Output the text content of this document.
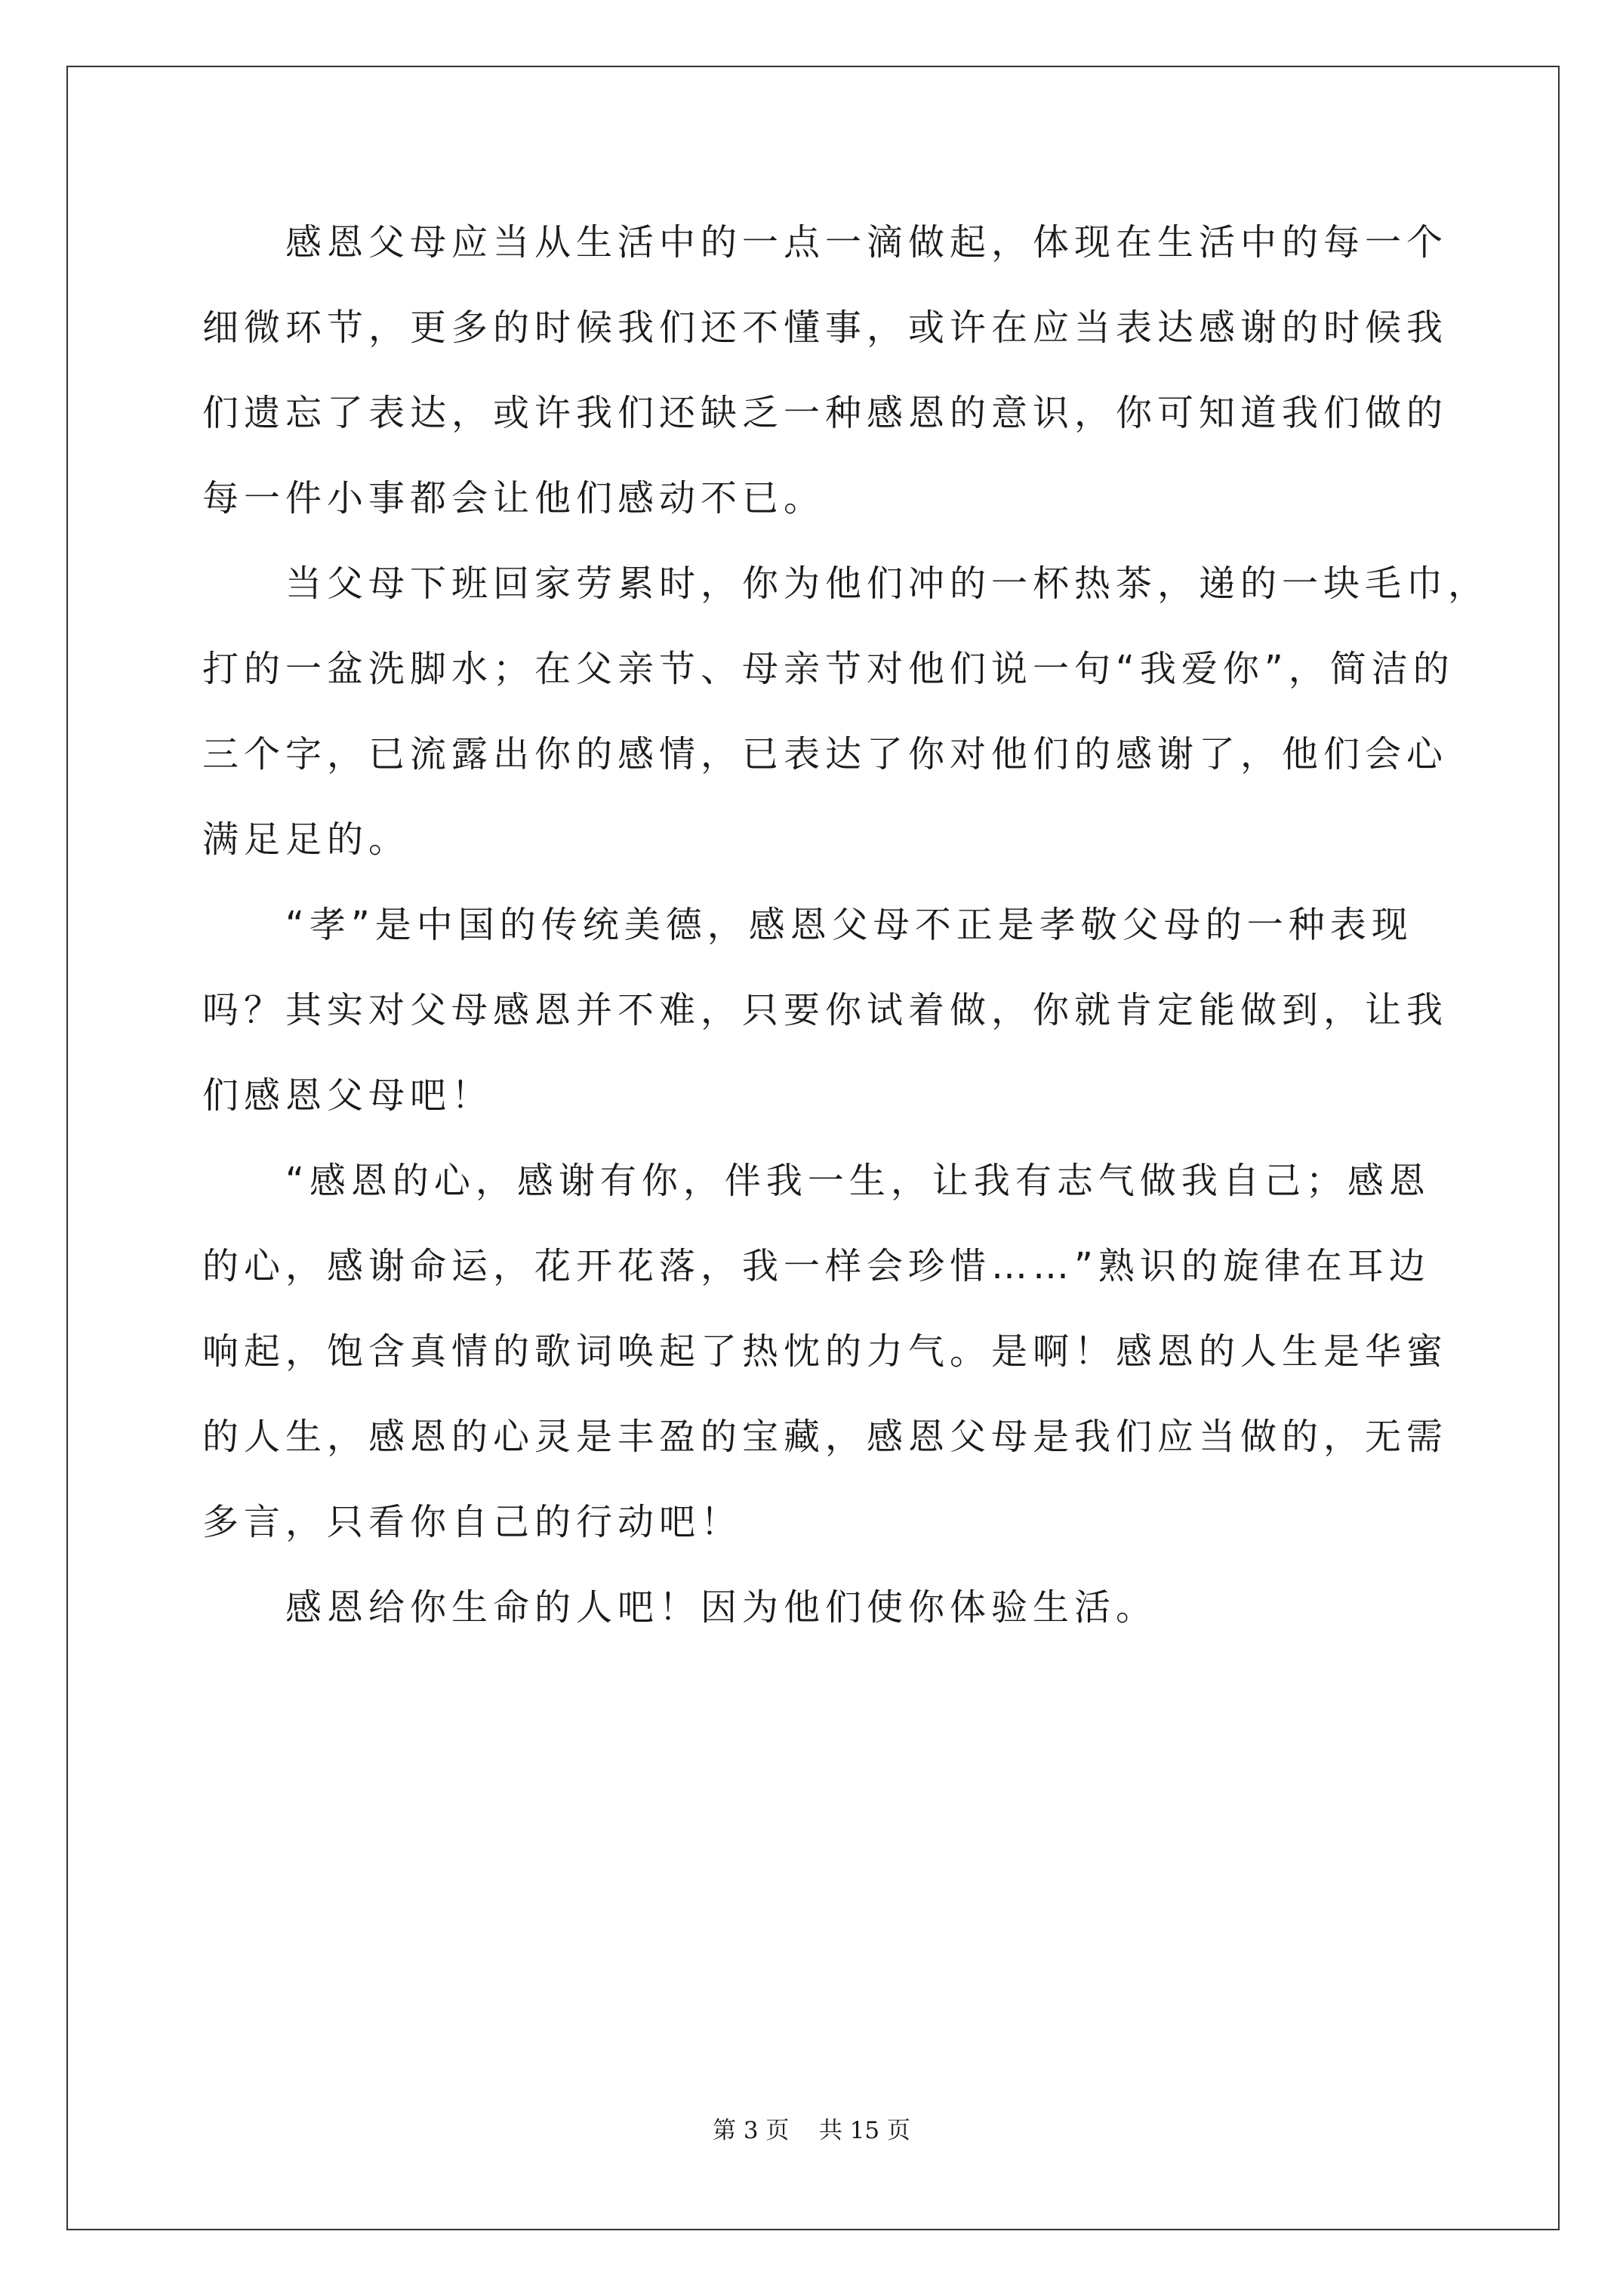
感恩父母应当从生活中的一点一滴做起，体现在生活中的每一个
细微环节，更多的时候我们还不懂事，或许在应当表达感谢的时候我
们遗忘了表达，或许我们还缺乏一种感恩的意识，你可知道我们做的
每一件小事都会让他们感动不已。
当父母下班回家劳累时，你为他们冲的一杯热茶，递的一块毛巾，
打的一盆洗脚水；在父亲节、母亲节对他们说一句“我爱你”，简洁的
三个字，已流露出你的感情，已表达了你对他们的感谢了，他们会心
满足足的。
“孝”是中国的传统美德，感恩父母不正是孝敬父母的一种表现
吗？其实对父母感恩并不难，只要你试着做，你就肯定能做到，让我
们感恩父母吧！
“感恩的心，感谢有你，伴我一生，让我有志气做我自己；感恩
的心，感谢命运，花开花落，我一样会珍惜……”熟识的旋律在耳边
响起，饱含真情的歌词唤起了热忱的力气。是啊！感恩的人生是华蜜
的人生，感恩的心灵是丰盈的宝藏，感恩父母是我们应当做的，无需
多言，只看你自己的行动吧！
感恩给你生命的人吧！因为他们使你体验生活。
第 3 页    共 15 页
